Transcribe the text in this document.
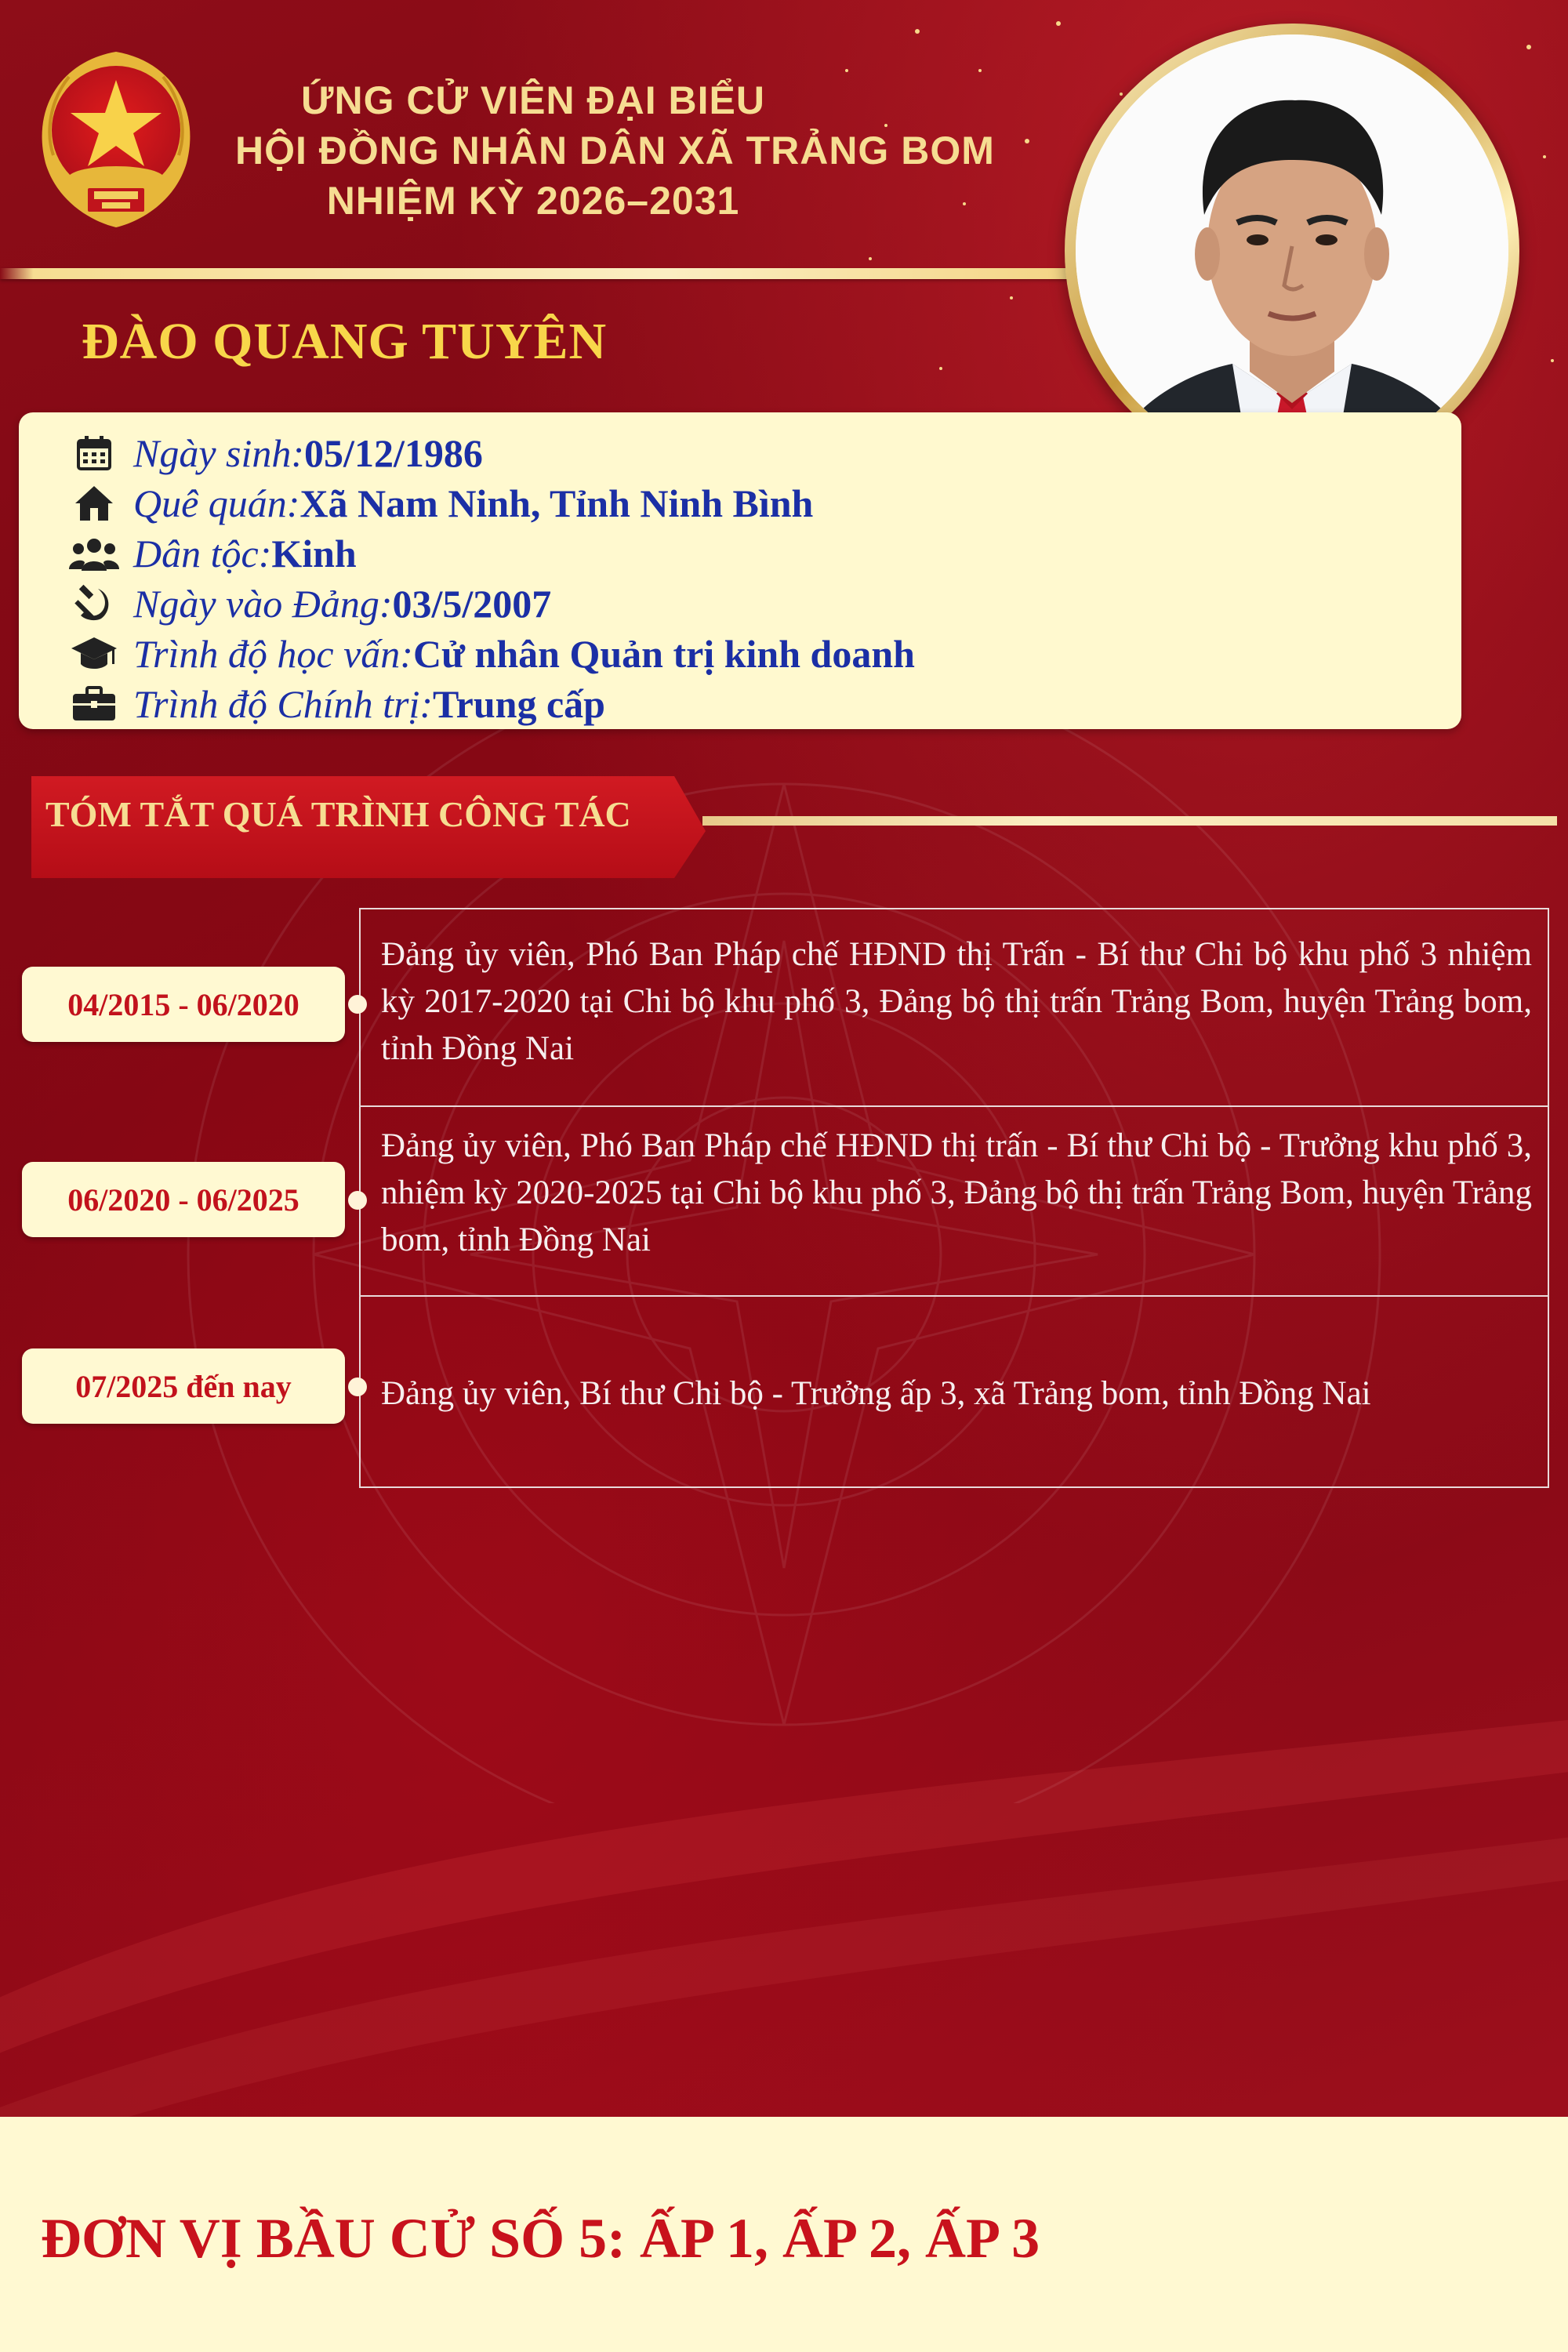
ỨNG CỬ VIÊN ĐẠI BIỂU
HỘI ĐỒNG NHÂN DÂN XÃ TRẢNG BOM
NHIỆM KỲ 2026–2031
ĐÀO QUANG TUYÊN
Ngày sinh: 05/12/1986
Quê quán: Xã Nam Ninh, Tỉnh Ninh Bình
Dân tộc: Kinh
Ngày vào Đảng: 03/5/2007
Trình độ học vấn: Cử nhân Quản trị kinh doanh
Trình độ Chính trị: Trung cấp
TÓM TẮT QUÁ TRÌNH CÔNG TÁC
Đảng ủy viên, Phó Ban Pháp chế HĐND thị Trấn - Bí thư Chi bộ khu phố 3 nhiệm kỳ 2017-2020 tại Chi bộ khu phố 3, Đảng bộ thị trấn Trảng Bom, huyện Trảng bom, tỉnh Đồng Nai
04/2015 - 06/2020
Đảng ủy viên, Phó Ban Pháp chế HĐND thị trấn - Bí thư Chi bộ - Trưởng khu phố 3, nhiệm kỳ 2020-2025 tại Chi bộ khu phố 3, Đảng bộ thị trấn Trảng Bom, huyện Trảng bom, tỉnh Đồng Nai
06/2020 - 06/2025
Đảng ủy viên, Bí thư Chi bộ - Trưởng ấp 3, xã Trảng bom, tỉnh Đồng Nai
07/2025 đến nay
ĐƠN VỊ BẦU CỬ SỐ 5: ẤP 1, ẤP 2, ẤP 3
